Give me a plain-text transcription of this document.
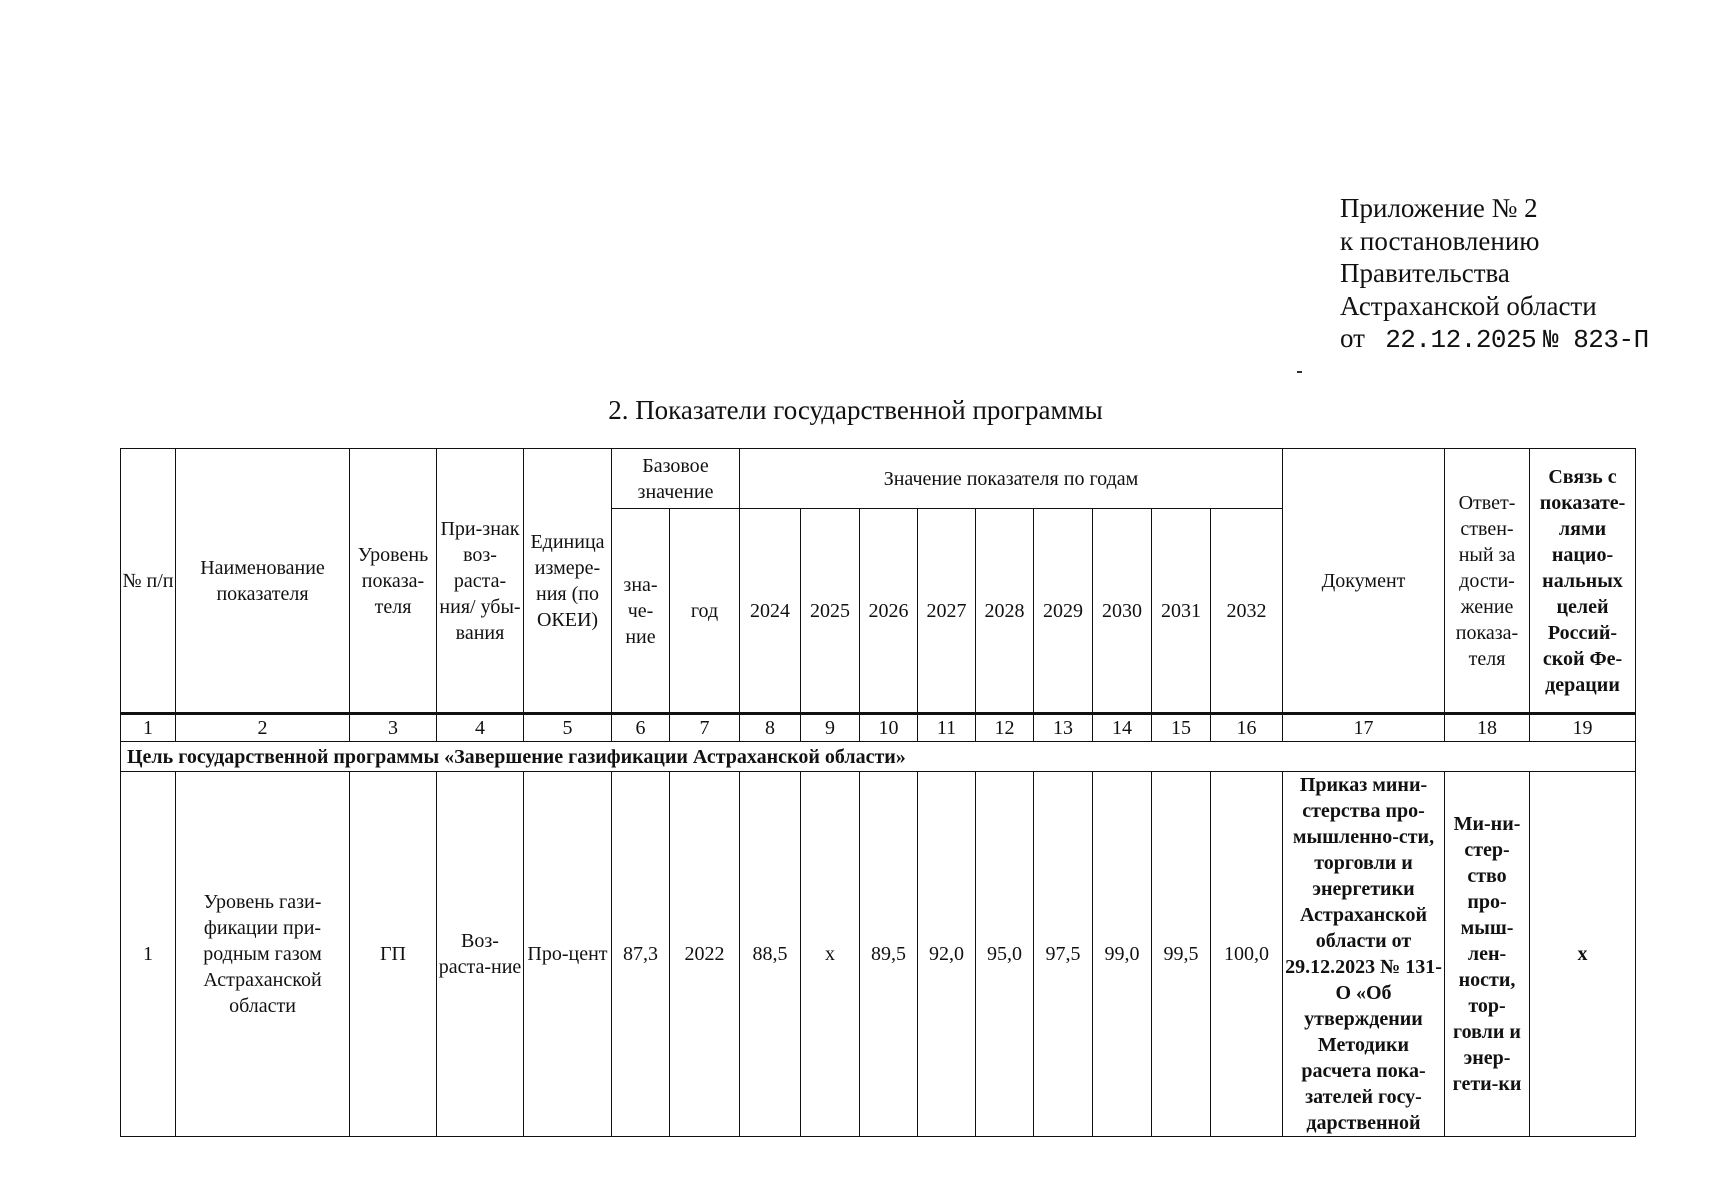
Приложение № 2
к постановлению
Правительства
Астраханской области
от 22.12.2025 № 823-П
2. Показатели государственной программы
№ п/п	Наименование показателя	Уровень показа-теля	При-знак воз-раста-ния/ убы-вания	Единица измере-ния (по ОКЕИ)	Базовое значение		Значение показателя по годам									Документ	Ответ-ствен-ный за дости-жение показа-теля	Связь с показате-лями нацио-нальных целей Россий-ской Фе-дерации
					зна-че-ние	год	2024	2025	2026	2027	2028	2029	2030	2031	2032			
1	2	3	4	5	6	7	8	9	10	11	12	13	14	15	16	17	18	19
Цель государственной программы «Завершение газификации Астраханской области»																		
1	Уровень гази-фикации при-родным газом Астраханской области	ГП	Воз-раста-ние	Про-цент	87,3	2022	88,5	x	89,5	92,0	95,0	97,5	99,0	99,5	100,0	Приказ мини-стерства про-мышленно-сти, торговли и энергетики Астраханской области от 29.12.2023 № 131-О «Об утверждении Методики расчета пока-зателей госу-дарственной	Ми-ни-стер-ство про-мыш-лен-ности, тор-говли и энер-гети-ки	x
